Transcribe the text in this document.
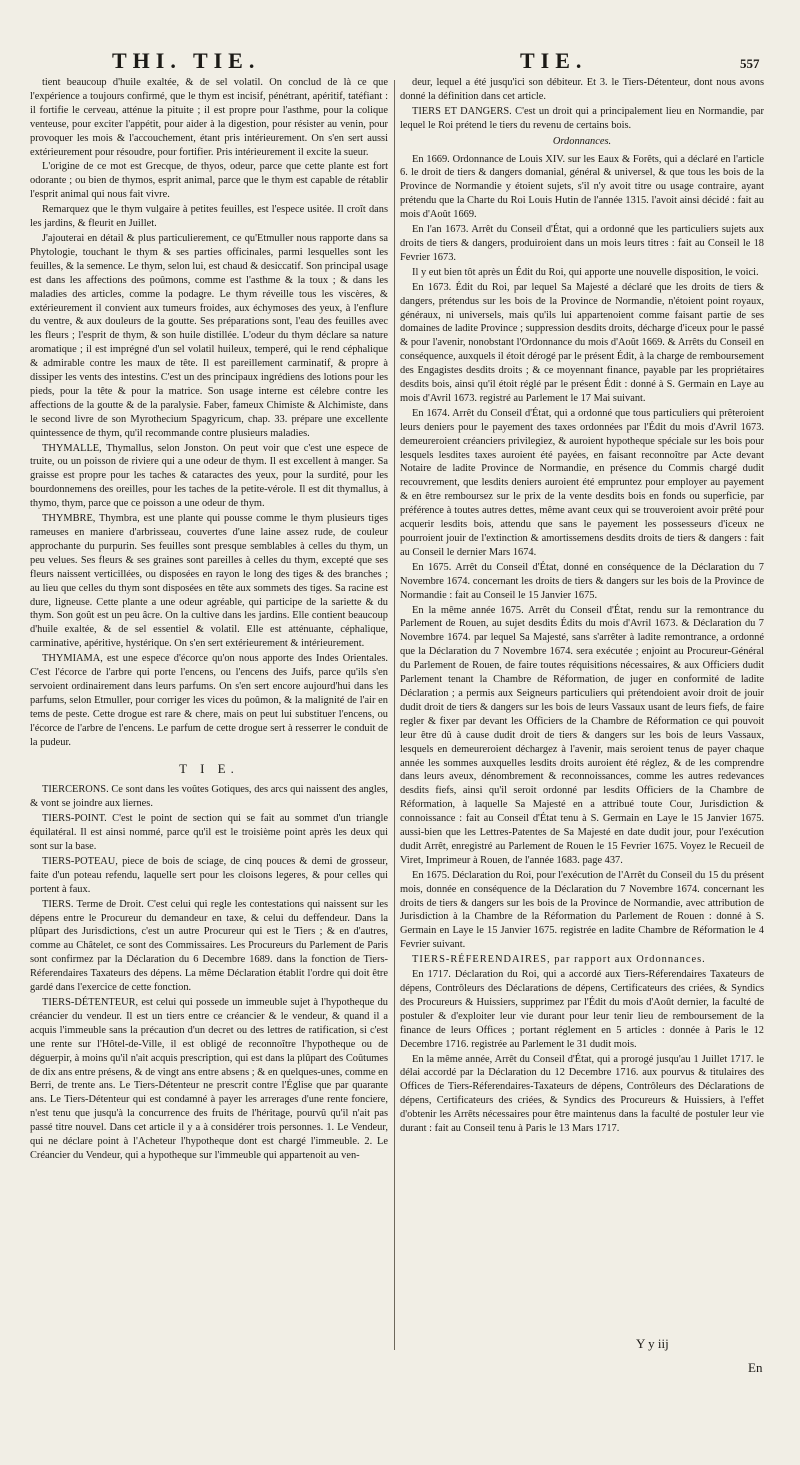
THI. TIE.	TIE.	557

tient beaucoup d'huile exaltée, & de sel volatil. On conclud de là ce que l'expérience a toujours confirmé, que le thym est incisif, pénétrant, apéritif, tatéfiant : il fortifie le cerveau, atténue la pituite ; il est propre pour l'asthme, pour la colique venteuse, pour exciter l'appétit, pour aider à la digestion, pour résister au venin, pour provoquer les mois & l'accouchement, étant pris intérieurement. On s'en sert aussi extérieurement pour résoudre, pour fortifier. Pris intérieurement il excite la sueur.

L'origine de ce mot est Grecque, de thyos, odeur, parce que cette plante est fort odorante ; ou bien de thymos, esprit animal, parce que le thym est capable de rétablir l'esprit animal qui nous fait vivre.

Remarquez que le thym vulgaire à petites feuilles, est l'espece usitée. Il croît dans les jardins, & fleurit en Juillet.

J'ajouterai en détail & plus particulierement, ce qu'Etmuller nous rapporte dans sa Phytologie, touchant le thym & ses parties officinales, parmi lesquelles sont les feuilles, & la semence. Le thym, selon lui, est chaud & desiccatif. Son principal usage est dans les affections des poûmons, comme est l'asthme & la toux ; & dans les maladies des articles, comme la podagre. Le thym réveille tous les viscères, & extérieurement il convient aux tumeurs froides, aux échymoses des yeux, à l'enflure du ventre, & aux douleurs de la goutte. Ses préparations sont, l'eau des feuilles avec les fleurs ; l'esprit de thym, & son huile distillée. L'odeur du thym déclare sa nature aromatique ; il est imprégné d'un sel volatil huileux, temperé, qui le rend céphalique & admirable contre les maux de tête. Il est pareillement carminatif, & propre à dissiper les vents des intestins. C'est un des principaux ingrédiens des lotions pour les pieds, pour la tête & pour la matrice. Son usage interne est célebre contre les affections de la goutte & de la paralysie. Faber, fameux Chimiste & Alchimiste, dans le second livre de son Myrothecium Spagyricum, chap. 33. prépare une excellente quintessence de thym, qu'il recommande contre plusieurs maladies.

THYMALLE, Thymallus, selon Jonston. On peut voir que c'est une espece de truite, ou un poisson de riviere qui a une odeur de thym. Il est excellent à manger. Sa graisse est propre pour les taches & cataractes des yeux, pour la surdité, pour les bourdonnemens des oreilles, pour les taches de la petite-vérole. Il est dit thymallus, à thymo, thym, parce que ce poisson a une odeur de thym.

THYMBRE, Thymbra, est une plante qui pousse comme le thym plusieurs tiges rameuses en maniere d'arbrisseau, couvertes d'une laine assez rude, de couleur approchante du purpurin. Ses feuilles sont presque semblables à celles du thym, un peu velues. Ses fleurs & ses graines sont pareilles à celles du thym, excepté que ses fleurs naissent verticillées, ou disposées en rayon le long des tiges & des branches ; au lieu que celles du thym sont disposées en tête aux sommets des tiges. Sa racine est dure, ligneuse. Cette plante a une odeur agréable, qui participe de la sariette & du thym. Son goût est un peu âcre. On la cultive dans les jardins. Elle contient beaucoup d'huile exaltée, & de sel essentiel & volatil. Elle est atténuante, céphalique, carminative, apéritive, hystérique. On s'en sert extérieurement & intérieurement.

THYMIAMA, est une espece d'écorce qu'on nous apporte des Indes Orientales. C'est l'écorce de l'arbre qui porte l'encens, ou l'encens des Juifs, parce qu'ils s'en servoient ordinairement dans leurs parfums. On s'en sert encore aujourd'hui dans les parfums, selon Etmuller, pour corriger les vices du poûmon, & la malignité de l'air en tems de peste. Cette drogue est rare & chere, mais on peut lui substituer l'encens, ou l'écorce de l'arbre de l'encens. Le parfum de cette drogue sert à resserrer le conduit de la pudeur.

T I E.

TIERCERONS. Ce sont dans les voûtes Gotiques, des arcs qui naissent des angles, & vont se joindre aux liernes.

TIERS-POINT. C'est le point de section qui se fait au sommet d'un triangle équilatéral. Il est ainsi nommé, parce qu'il est le troisième point après les deux qui sont sur la base.

TIERS-POTEAU, piece de bois de sciage, de cinq pouces & demi de grosseur, faite d'un poteau refendu, laquelle sert pour les cloisons legeres, & pour celles qui portent à faux.

TIERS. Terme de Droit. C'est celui qui regle les contestations qui naissent sur les dépens entre le Procureur du demandeur en taxe, & celui du deffendeur. Dans la plûpart des Jurisdictions, c'est un autre Procureur qui est le Tiers ; & en d'autres, comme au Châtelet, ce sont des Commissaires. Les Procureurs du Parlement de Paris sont confirmez par la Déclaration du 6 Decembre 1689. dans la fonction de Tiers-Réferendaires Taxateurs des dépens. La même Déclaration établit l'ordre qui doit être gardé dans l'exercice de cette fonction.

TIERS-DÉTENTEUR, est celui qui possede un immeuble sujet à l'hypotheque du créancier du vendeur. Il est un tiers entre ce créancier & le vendeur, & quand il a acquis l'immeuble sans la précaution d'un decret ou des lettres de ratification, si c'est une rente sur l'Hôtel-de-Ville, il est obligé de reconnoître l'hypotheque ou de déguerpir, à moins qu'il n'ait acquis prescription, qui est dans la plûpart des Coûtumes de dix ans entre présens, & de vingt ans entre absens ; & en quelques-unes, comme en Berri, de trente ans. Le Tiers-Détenteur ne prescrit contre l'Église que par quarante ans. Le Tiers-Détenteur qui est condamné à payer les arrerages d'une rente fonciere, n'est tenu que jusqu'à la concurrence des fruits de l'héritage, pourvû qu'il n'ait pas passé titre nouvel. Dans cet article il y a à considérer trois personnes. 1. Le Vendeur, qui ne déclare point à l'Acheteur l'hypotheque dont est chargé l'immeuble. 2. Le Créancier du Vendeur, qui a hypotheque sur l'immeuble qui appartenoit au ven-

deur, lequel a été jusqu'ici son débiteur. Et 3. le Tiers-Détenteur, dont nous avons donné la définition dans cet article.

TIERS ET DANGERS. C'est un droit qui a principalement lieu en Normandie, par lequel le Roi prétend le tiers du revenu de certains bois.

Ordonnances.

En 1669. Ordonnance de Louis XIV. sur les Eaux & Forêts, qui a déclaré en l'article 6. le droit de tiers & dangers domanial, général & universel, & que tous les bois de la Province de Normandie y étoient sujets, s'il n'y avoit titre ou usage contraire, ayant prétendu que la Charte du Roi Louis Hutin de l'année 1315. l'avoit ainsi décidé : fait au mois d'Août 1669.

En l'an 1673. Arrêt du Conseil d'État, qui a ordonné que les particuliers sujets aux droits de tiers & dangers, produiroient dans un mois leurs titres : fait au Conseil le 18 Fevrier 1673.

Il y eut bien tôt après un Édit du Roi, qui apporte une nouvelle disposition, le voici.

En 1673. Édit du Roi, par lequel Sa Majesté a déclaré que les droits de tiers & dangers, prétendus sur les bois de la Province de Normandie, n'étoient point royaux, généraux, ni universels, mais qu'ils lui appartenoient comme faisant partie de ses domaines de ladite Province ; suppression desdits droits, décharge d'iceux pour le passé & pour l'avenir, nonobstant l'Ordonnance du mois d'Août 1669. & Arrêts du Conseil en conséquence, auxquels il étoit dérogé par le présent Édit, à la charge de remboursement des Engagistes desdits droits ; & ce moyennant finance, payable par les propriétaires desdits bois, ainsi qu'il étoit réglé par le présent Édit : donné à S. Germain en Laye au mois d'Avril 1673. registré au Parlement le 17 Mai suivant.

En 1674. Arrêt du Conseil d'État, qui a ordonné que tous particuliers qui prêteroient leurs deniers pour le payement des taxes ordonnées par l'Édit du mois d'Avril 1673. demeureroient créanciers privilegiez, & auroient hypotheque spéciale sur les bois pour lesquels lesdites taxes auroient été payées, en faisant reconnoître par Acte devant Notaire de ladite Province de Normandie, en présence du Commis chargé dudit recouvrement, que lesdits deniers auroient été empruntez pour employer au payement & en être remboursez sur le prix de la vente desdits bois en fonds ou superficie, par préférence à toutes autres dettes, même avant ceux qui se trouveroient avoir prêté pour acquerir lesdits bois, attendu que sans le payement les possesseurs d'iceux ne pourroient jouir de l'extinction & amortissemens desdits droits de tiers & dangers : fait au Conseil le dernier Mars 1674.

En 1675. Arrêt du Conseil d'État, donné en conséquence de la Déclaration du 7 Novembre 1674. concernant les droits de tiers & dangers sur les bois de la Province de Normandie : fait au Conseil le 15 Janvier 1675.

En la même année 1675. Arrêt du Conseil d'État, rendu sur la remontrance du Parlement de Rouen, au sujet desdits Édits du mois d'Avril 1673. & Déclaration du 7 Novembre 1674. par lequel Sa Majesté, sans s'arrêter à ladite remontrance, a ordonné que la Déclaration du 7 Novembre 1674. sera exécutée ; enjoint au Procureur-Général du Parlement de Rouen, de faire toutes réquisitions nécessaires, & aux Officiers dudit Parlement tenant la Chambre de Réformation, de juger en conformité de ladite Déclaration ; a permis aux Seigneurs particuliers qui prétendoient avoir droit de jouir dudit droit de tiers & dangers sur les bois de leurs Vassaux usant de leurs fiefs, de faire regler & fixer par devant les Officiers de la Chambre de Réformation ce qui pouvoit leur être dû à cause dudit droit de tiers & dangers sur les bois de leurs Vassaux, lesquels en demeureroient déchargez à l'avenir, mais seroient tenus de payer chaque année les sommes auxquelles lesdits droits auroient été réglez, & de les comprendre dans leurs aveux, dénombrement & reconnoissances, comme les autres redevances desdits fiefs, ainsi qu'il seroit ordonné par lesdits Officiers de la Chambre de Réformation, à laquelle Sa Majesté en a attribué toute Cour, Jurisdiction & connoissance : fait au Conseil d'État tenu à S. Germain en Laye le 15 Janvier 1675. aussi-bien que les Lettres-Patentes de Sa Majesté en date dudit jour, pour l'exécution dudit Arrêt, enregistré au Parlement de Rouen le 15 Fevrier 1675. Voyez le Recueil de Viret, Imprimeur à Rouen, de l'année 1683. page 437.

En 1675. Déclaration du Roi, pour l'exécution de l'Arrêt du Conseil du 15 du présent mois, donnée en conséquence de la Déclaration du 7 Novembre 1674. concernant les droits de tiers & dangers sur les bois de la Province de Normandie, avec attribution de Jurisdiction à la Chambre de la Réformation du Parlement de Rouen : donné à S. Germain en Laye le 15 Janvier 1675. registrée en ladite Chambre de Réformation le 4 Fevrier suivant.

TIERS-RÉFERENDAIRES, par rapport aux Ordonnances.

En 1717. Déclaration du Roi, qui a accordé aux Tiers-Réferendaires Taxateurs de dépens, Contrôleurs des Déclarations de dépens, Certificateurs des criées, & Syndics des Procureurs & Huissiers, supprimez par l'Édit du mois d'Août dernier, la faculté de postuler & d'exploiter leur vie durant pour leur tenir lieu de remboursement de la finance de leurs Offices ; portant réglement en 5 articles : donnée à Paris le 12 Decembre 1716. registrée au Parlement le 31 dudit mois.

En la même année, Arrêt du Conseil d'État, qui a prorogé jusqu'au 1 Juillet 1717. le délai accordé par la Déclaration du 12 Decembre 1716. aux pourvus & titulaires des Offices de Tiers-Réferendaires-Taxateurs de dépens, Contrôleurs des Déclarations de dépens, Certificateurs des criées, & Syndics des Procureurs & Huissiers, à l'effet d'obtenir les Arrêts nécessaires pour être maintenus dans la faculté de postuler leur vie durant : fait au Conseil tenu à Paris le 13 Mars 1717.

Y y iij
En
